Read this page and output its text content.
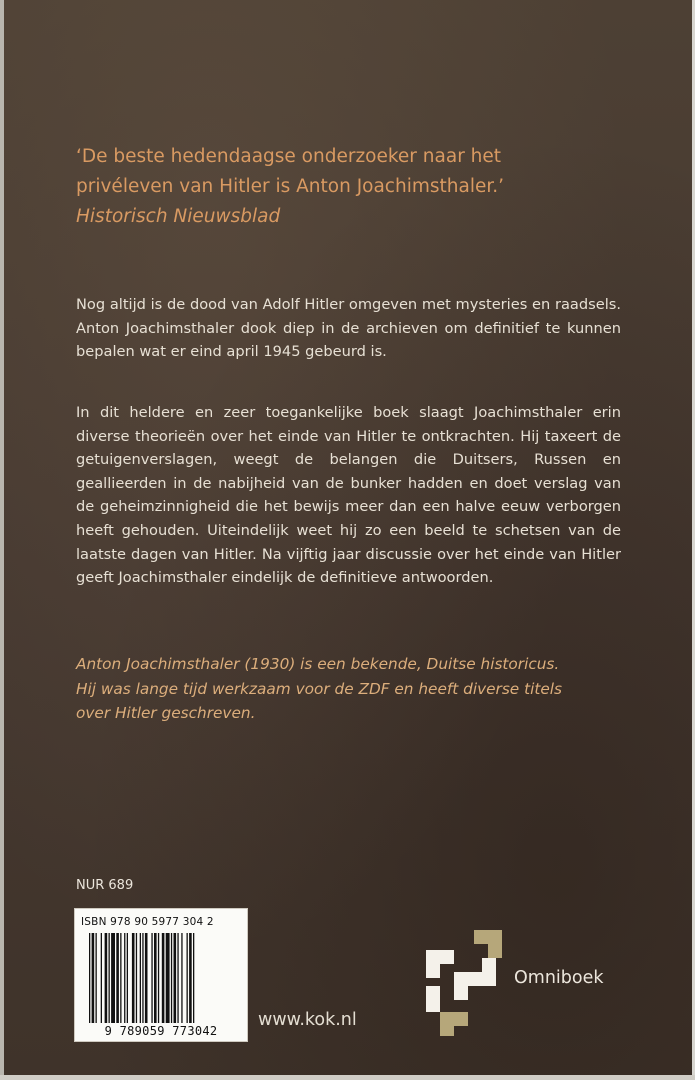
‘De beste hedendaagse onderzoeker naar het
privéleven van Hitler is Anton Joachimsthaler.’
Historisch Nieuwsblad
Nog altijd is de dood van Adolf Hitler omgeven met mysteries en raadsels. Anton Joachimsthaler dook diep in de archieven om definitief te kunnen bepalen wat er eind april 1945 gebeurd is.
In dit heldere en zeer toegankelijke boek slaagt Joachimsthaler erin diverse theorieën over het einde van Hitler te ontkrachten. Hij taxeert de getuigenverslagen, weegt de belangen die Duitsers, Russen en geallieerden in de nabijheid van de bunker hadden en doet verslag van de geheimzinnigheid die het bewijs meer dan een halve eeuw verborgen heeft gehouden. Uiteindelijk weet hij zo een beeld te schetsen van de laatste dagen van Hitler. Na vijftig jaar discussie over het einde van Hitler geeft Joachimsthaler eindelijk de definitieve antwoorden.
Anton Joachimsthaler (1930) is een bekende, Duitse historicus.
Hij was lange tijd werkzaam voor de ZDF en heeft diverse titels
over Hitler geschreven.
NUR 689
ISBN 978 90 5977 304 2
9 789059 773042
www.kok.nl
Omniboek
